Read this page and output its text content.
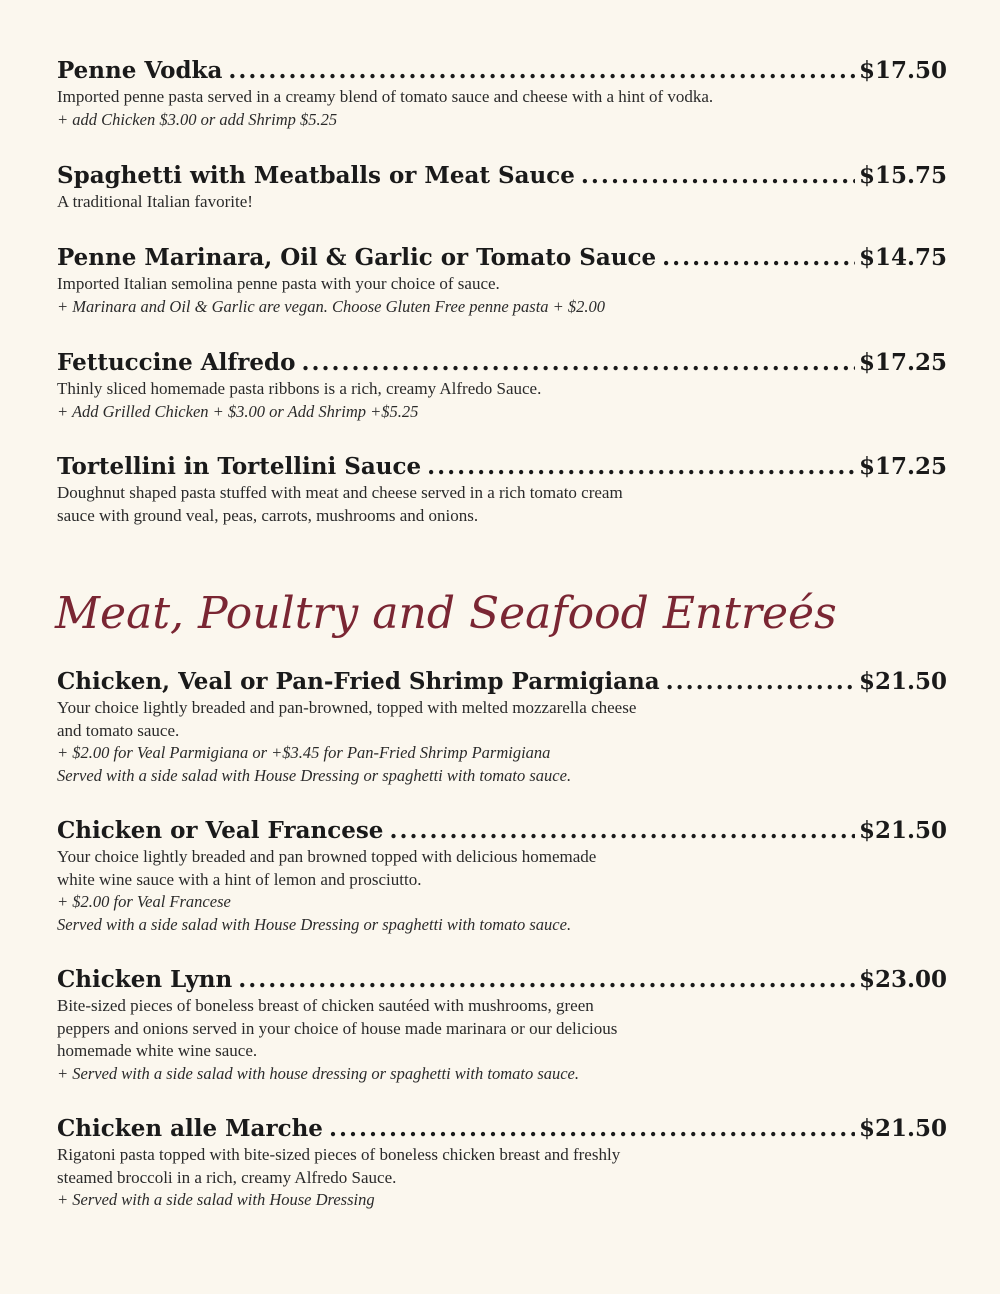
Penne Vodka .....	$17.50
Imported penne pasta served in a creamy blend of tomato sauce and cheese with a hint of vodka.
+ add Chicken $3.00 or add Shrimp $5.25
Spaghetti with Meatballs or Meat Sauce .....	$15.75
A traditional Italian favorite!
Penne Marinara, Oil & Garlic or Tomato Sauce .....	$14.75
Imported Italian semolina penne pasta with your choice of sauce.
+ Marinara and Oil & Garlic are vegan. Choose Gluten Free penne pasta + $2.00
Fettuccine Alfredo .....	$17.25
Thinly sliced homemade pasta ribbons is a rich, creamy Alfredo Sauce.
+ Add Grilled Chicken + $3.00 or Add Shrimp +$5.25
Tortellini in Tortellini Sauce .....	$17.25
Doughnut shaped pasta stuffed with meat and cheese served in a rich tomato cream
sauce with ground veal, peas, carrots, mushrooms and onions.
Meat, Poultry and Seafood Entreés
Chicken, Veal or Pan-Fried Shrimp Parmigiana .....	$21.50
Your choice lightly breaded and pan-browned, topped with melted mozzarella cheese
and tomato sauce.
+ $2.00 for Veal Parmigiana or +$3.45 for Pan-Fried Shrimp Parmigiana
Served with a side salad with House Dressing or spaghetti with tomato sauce.
Chicken or Veal Francese .....	$21.50
Your choice lightly breaded and pan browned topped with delicious homemade
white wine sauce with a hint of lemon and prosciutto.
+ $2.00 for Veal Francese
Served with a side salad with House Dressing or spaghetti with tomato sauce.
Chicken Lynn .....	$23.00
Bite-sized pieces of boneless breast of chicken sautéed with mushrooms, green
peppers and onions served in your choice of house made marinara or our delicious
homemade white wine sauce.
+ Served with a side salad with house dressing or spaghetti with tomato sauce.
Chicken alle Marche .....	$21.50
Rigatoni pasta topped with bite-sized pieces of boneless chicken breast and freshly
steamed broccoli in a rich, creamy Alfredo Sauce.
+ Served with a side salad with House Dressing
